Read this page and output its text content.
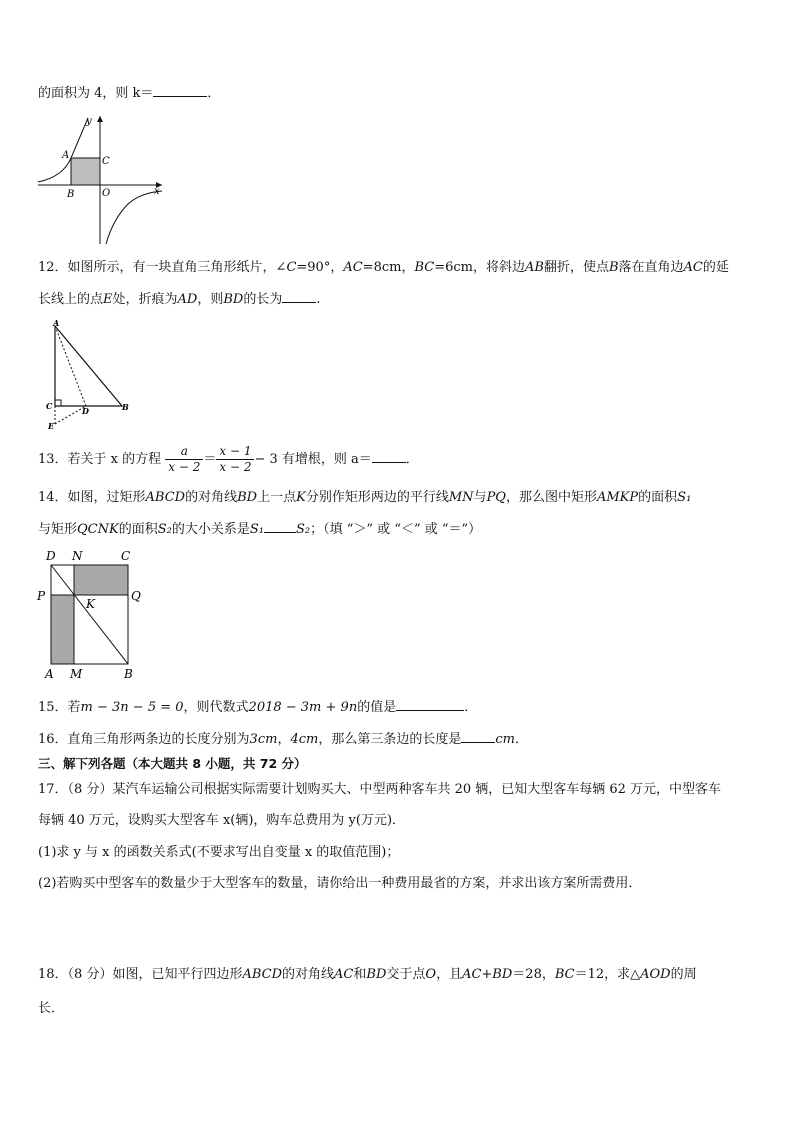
的面积为 4，则 k＝	．
y
x
A
C
B	O
12．如图所示，有一块直角三角形纸片，∠C=90°，AC=8cm，BC=6cm，将斜边AB翻折，使点B落在直角边AC的延
长线上的点E处，折痕为AD，则BD的长为	.
A
C	D	B
E
13．若关于 x 的方程 $\frac{a}{x - 2} = \frac{x - 1}{x - 2} - 3$ 有增根，则 a＝	．
14．如图，过矩形ABCD的对角线BD上一点K分别作矩形两边的平行线MN与PQ，那么图中矩形AMKP的面积S₁
与矩形QCNK的面积S₂的大小关系是S₁ S₂；（填 “＞” 或 “＜” 或 “＝”）
D N	C
P
K
Q
A M	B
15．若m − 3n − 5 = 0，则代数式2018 − 3m + 9n的值是	．
16．直角三角形两条边的长度分别为3cm，4cm，那么第三条边的长度是	cm．
三、解下列各题（本大题共 8 小题，共 72 分）
17．（8 分）某汽车运输公司根据实际需要计划购买大、中型两种客车共 20 辆，已知大型客车每辆 62 万元，中型客车
每辆 40 万元，设购买大型客车 x(辆)，购车总费用为 y(万元)．
(1)求 y 与 x 的函数关系式(不要求写出自变量 x 的取值范围)；
(2)若购买中型客车的数量少于大型客车的数量，请你给出一种费用最省的方案，并求出该方案所需费用．
18．（8 分）如图，已知平行四边形ABCD的对角线AC和BD交于点O，且AC+BD＝28，BC＝12，求△AOD的周
长．
